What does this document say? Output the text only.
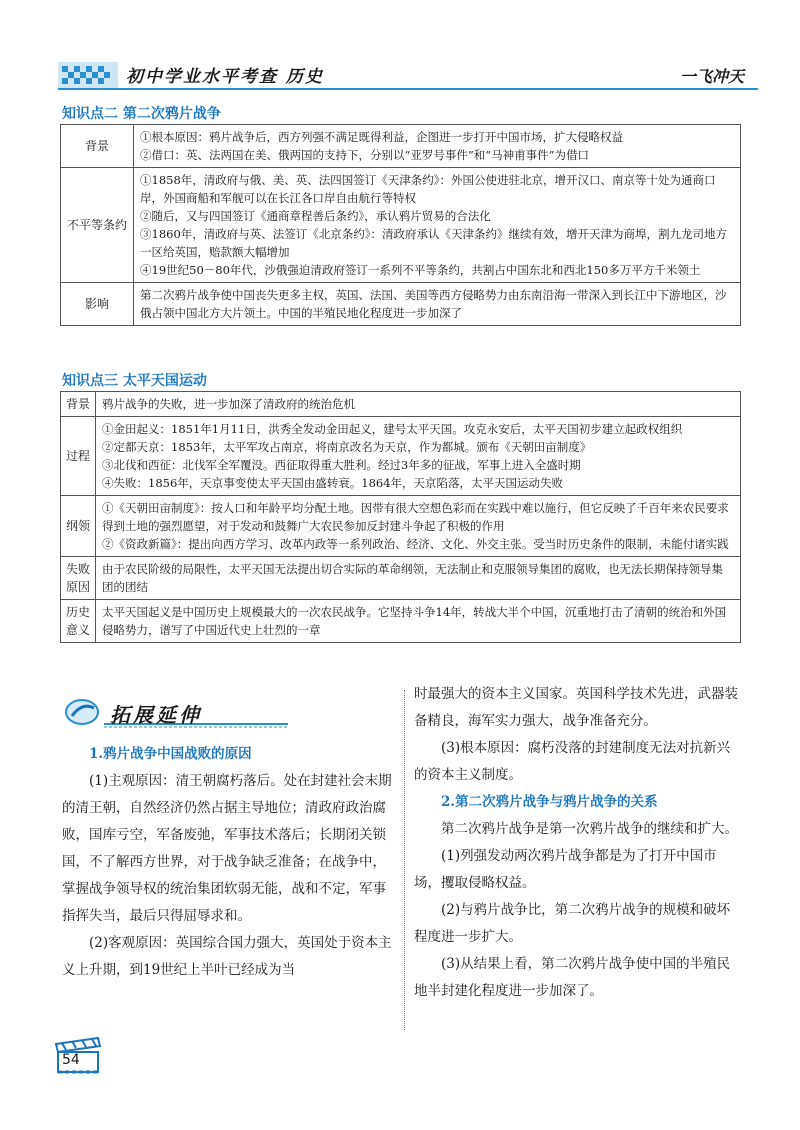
初中学业水平考查 历史	一飞冲天
知识点二 第二次鸦片战争
背景	①根本原因：鸦片战争后，西方列强不满足既得利益，企图进一步打开中国市场，扩大侵略权益
②借口：英、法两国在美、俄两国的支持下，分别以“亚罗号事件”和“马神甫事件”为借口

不平等条约	①1858年，清政府与俄、美、英、法四国签订《天津条约》：外国公使进驻北京，增开汉口、南京等十处为通商口岸，外国商船和军舰可以在长江各口岸自由航行等特权
②随后，又与四国签订《通商章程善后条约》，承认鸦片贸易的合法化
③1860年，清政府与英、法签订《北京条约》：清政府承认《天津条约》继续有效，增开天津为商埠，割九龙司地方一区给英国，赔款额大幅增加
④19世纪50－80年代，沙俄强迫清政府签订一系列不平等条约，共割占中国东北和西北150多万平方千米领土

影响	第二次鸦片战争使中国丧失更多主权，英国、法国、美国等西方侵略势力由东南沿海一带深入到长江中下游地区，沙俄占领中国北方大片领土。中国的半殖民地化程度进一步加深了
知识点三 太平天国运动
背景	鸦片战争的失败，进一步加深了清政府的统治危机

过程	①金田起义：1851年1月11日，洪秀全发动金田起义，建号太平天国。攻克永安后，太平天国初步建立起政权组织
②定都天京：1853年，太平军攻占南京，将南京改名为天京，作为都城。颁布《天朝田亩制度》
③北伐和西征：北伐军全军覆没。西征取得重大胜利。经过3年多的征战，军事上进入全盛时期
④失败：1856年，天京事变使太平天国由盛转衰。1864年，天京陷落，太平天国运动失败

纲领	①《天朝田亩制度》：按人口和年龄平均分配土地。因带有很大空想色彩而在实践中难以施行，但它反映了千百年来农民要求得到土地的强烈愿望，对于发动和鼓舞广大农民参加反封建斗争起了积极的作用
②《资政新篇》：提出向西方学习、改革内政等一系列政治、经济、文化、外交主张。受当时历史条件的限制，未能付诸实践

失败原因	由于农民阶级的局限性，太平天国无法提出切合实际的革命纲领，无法制止和克服领导集团的腐败，也无法长期保持领导集团的团结

历史意义	太平天国起义是中国历史上规模最大的一次农民战争。它坚持斗争14年，转战大半个中国，沉重地打击了清朝的统治和外国侵略势力，谱写了中国近代史上壮烈的一章
拓展延伸

1.鸦片战争中国战败的原因

(1)主观原因：清王朝腐朽落后。处在封建社会末期的清王朝，自然经济仍然占据主导地位；清政府政治腐败，国库亏空，军备废弛，军事技术落后；长期闭关锁国，不了解西方世界，对于战争缺乏准备；在战争中，掌握战争领导权的统治集团软弱无能，战和不定，军事指挥失当，最后只得屈辱求和。

(2)客观原因：英国综合国力强大，英国处于资本主义上升期，到19世纪上半叶已经成为当

时最强大的资本主义国家。英国科学技术先进，武器装备精良，海军实力强大，战争准备充分。

(3)根本原因：腐朽没落的封建制度无法对抗新兴的资本主义制度。

2.第二次鸦片战争与鸦片战争的关系

第二次鸦片战争是第一次鸦片战争的继续和扩大。

(1)列强发动两次鸦片战争都是为了打开中国市场，攫取侵略权益。

(2)与鸦片战争比，第二次鸦片战争的规模和破坏程度进一步扩大。

(3)从结果上看，第二次鸦片战争使中国的半殖民地半封建化程度进一步加深了。

54
